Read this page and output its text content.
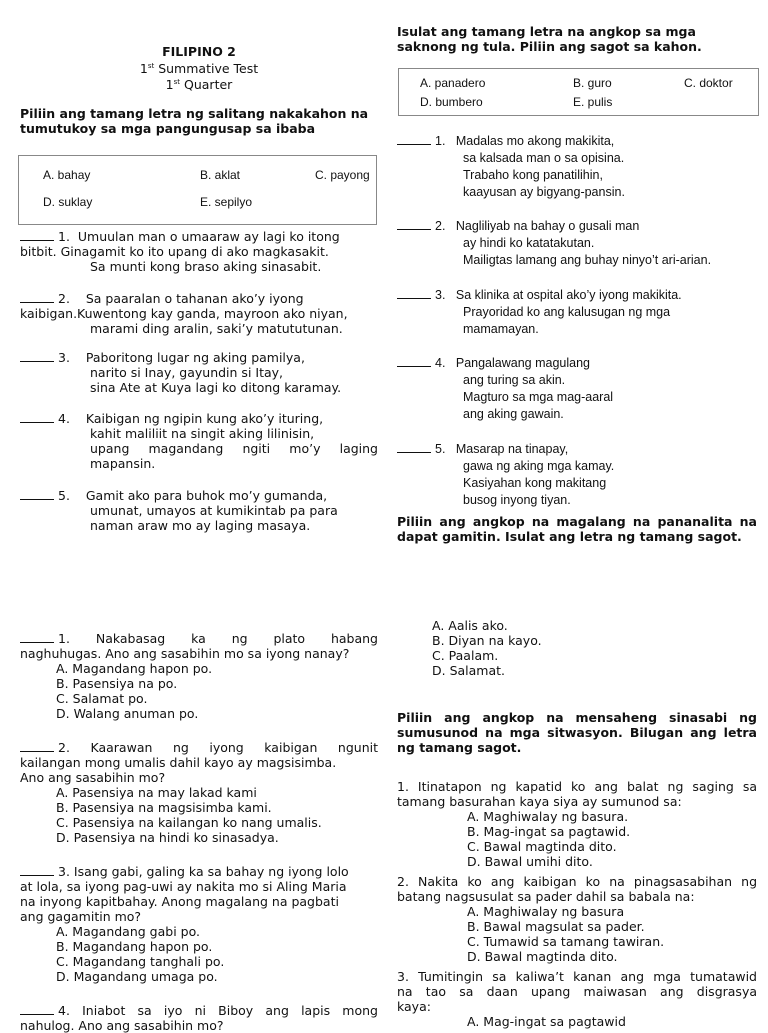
FILIPINO 2
1st Summative Test
1st Quarter
Piliin ang tamang letra ng salitang nakakahon na tumutukoy sa mga pangungusap sa ibaba
A. bahay	B. aklat	C. payong
D. suklay	E. sepilyo

1. Umuulan man o umaaraw ay lagi ko itong

bitbit. Ginagamit ko ito upang di ako magkasakit.

Sa munti kong braso aking sinasabit.

2. Sa paaralan o tahanan ako’y iyong

kaibigan.Kuwentong kay ganda, mayroon ako niyan,

marami ding aralin, saki’y matututunan.

3. Paboritong lugar ng aking pamilya,

narito si Inay, gayundin si Itay,

sina Ate at Kuya lagi ko ditong karamay.

4. Kaibigan ng ngipin kung ako’y ituring,

kahit maliliit na singit aking lilinisin,

upang magandang ngiti mo’y laging

mapansin.

5. Gamit ako para buhok mo’y gumanda,

umunat, umayos at kumikintab pa para

naman araw mo ay laging masaya.

1. Nakabasag ka ng plato habang

naghuhugas. Ano ang sasabihin mo sa iyong nanay?

A. Magandang hapon po.

B. Pasensiya na po.

C. Salamat po.

D. Walang anuman po.

2. Kaarawan ng iyong kaibigan ngunit

kailangan mong umalis dahil kayo ay magsisimba.

Ano ang sasabihin mo?

A. Pasensiya na may lakad kami

B. Pasensiya na magsisimba kami.

C. Pasensiya na kailangan ko nang umalis.

D. Pasensiya na hindi ko sinasadya.

3. Isang gabi, galing ka sa bahay ng iyong lolo

at lola, sa iyong pag-uwi ay nakita mo si Aling Maria

na inyong kapitbahay. Anong magalang na pagbati

ang gagamitin mo?

A. Magandang gabi po.

B. Magandang hapon po.

C. Magandang tanghali po.

D. Magandang umaga po.

4. Iniabot sa iyo ni Biboy ang lapis mong

nahulog. Ano ang sasabihin mo?

Isulat ang tamang letra na angkop sa mga saknong ng tula. Piliin ang sagot sa kahon.
A. panadero	B. guro	C. doktor
D. bumbero	E. pulis

1. Madalas mo akong makikita,

sa kalsada man o sa opisina.

Trabaho kong panatilihin,

kaayusan ay bigyang-pansin.

2. Nagliliyab na bahay o gusali man

ay hindi ko katatakutan.

Mailigtas lamang ang buhay ninyo’t ari-arian.

3. Sa klinika at ospital ako’y iyong makikita.

Prayoridad ko ang kalusugan ng mga

mamamayan.

4. Pangalawang magulang

ang turing sa akin.

Magturo sa mga mag-aaral

ang aking gawain.

5. Masarap na tinapay,

gawa ng aking mga kamay.

Kasiyahan kong makitang

busog inyong tiyan.

Piliin ang angkop na magalang na pananalita na dapat gamitin. Isulat ang letra ng tamang sagot.

A. Aalis ako.

B. Diyan na kayo.

C. Paalam.

D. Salamat.

Piliin ang angkop na mensaheng sinasabi ng sumusunod na mga sitwasyon. Bilugan ang letra ng tamang sagot.

1. Itinatapon ng kapatid ko ang balat ng saging sa

tamang basurahan kaya siya ay sumunod sa:

A. Maghiwalay ng basura.

B. Mag-ingat sa pagtawid.

C. Bawal magtinda dito.

D. Bawal umihi dito.

2. Nakita ko ang kaibigan ko na pinagsasabihan ng

batang nagsusulat sa pader dahil sa babala na:

A. Maghiwalay ng basura

B. Bawal magsulat sa pader.

C. Tumawid sa tamang tawiran.

D. Bawal magtinda dito.

3. Tumitingin sa kaliwa’t kanan ang mga tumatawid

na tao sa daan upang maiwasan ang disgrasya

kaya:

A. Mag-ingat sa pagtawid
